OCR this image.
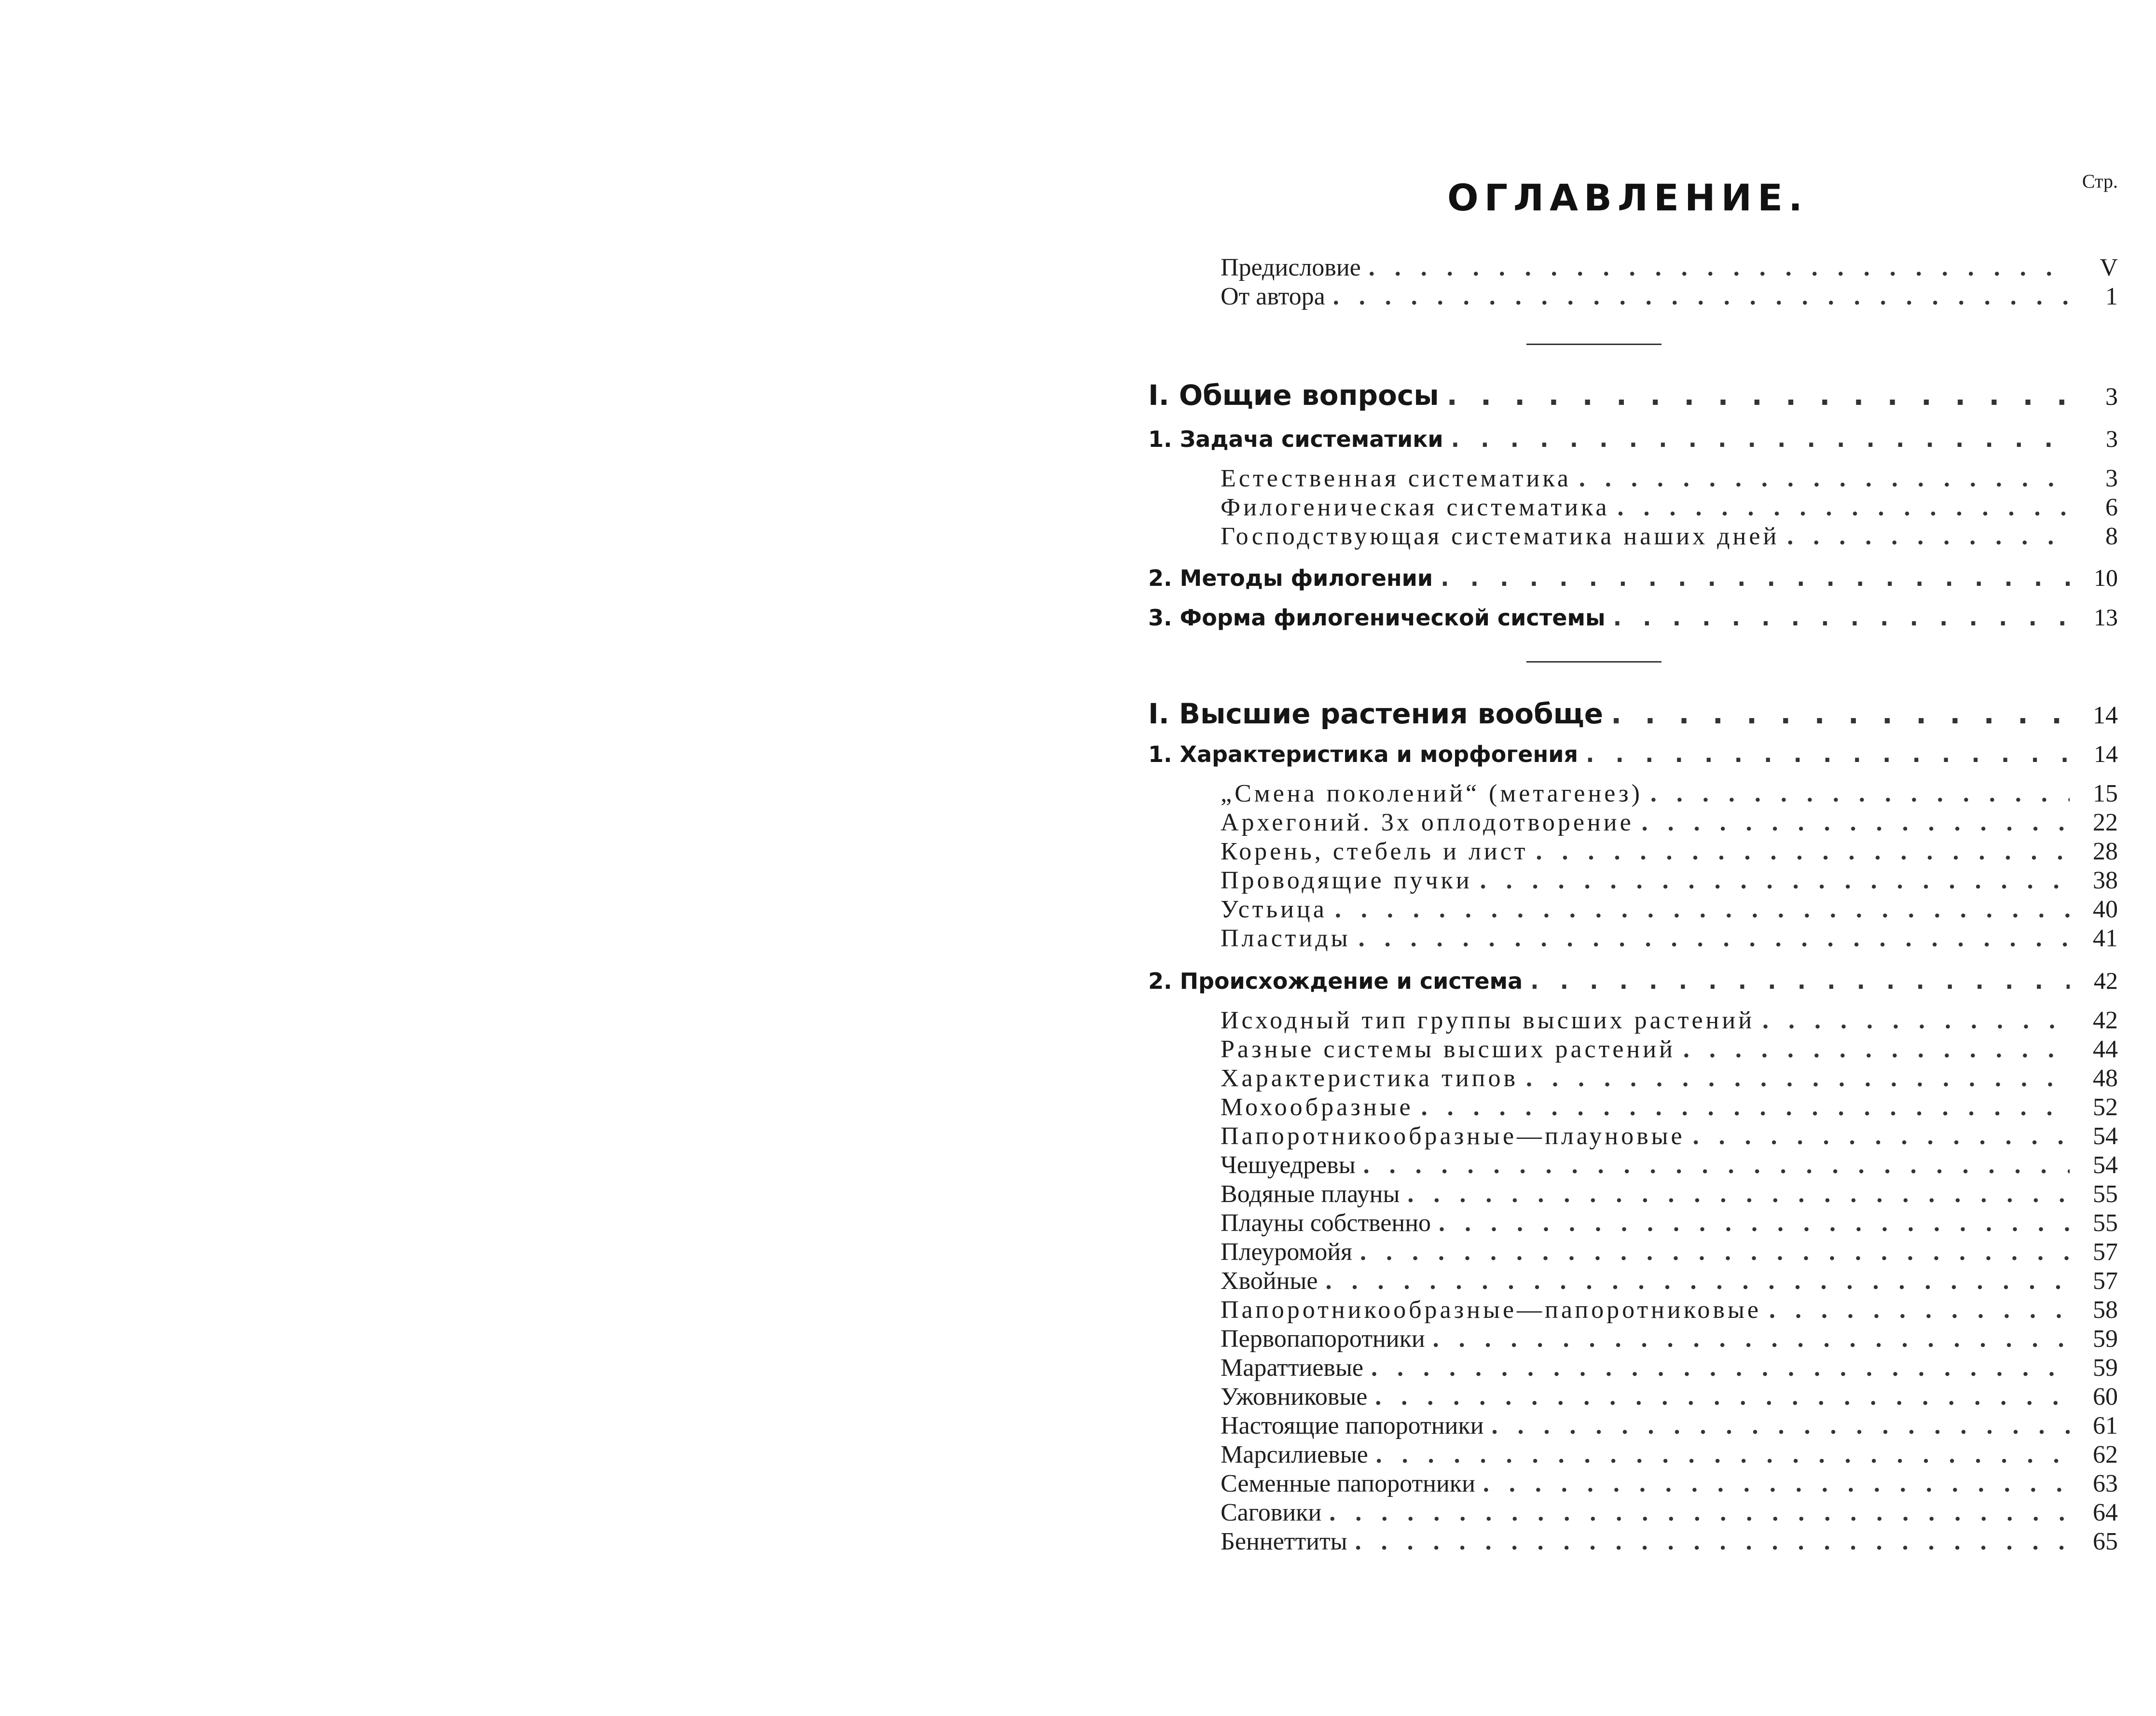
ОГЛАВЛЕНИЕ.	Стр.
Предисловие . . .	V
От автора . . .	1
I. Общие вопросы . . .	3
1. Задача систематики . . .	3
Естественная систематика . . .	3
Филогеническая систематика . . .	6
Господствующая систематика наших дней . . .	8
2. Методы филогении . . .	10
3. Форма филогенической системы . . .	13
I. Высшие растения вообще . . .	14
1. Характеристика и морфогения . . .	14
„Смена поколений“ (метагенез) . . .	15
Архегоний. 3х оплодотворение . . .	22
Корень, стебель и лист . . .	28
Проводящие пучки . . .	38
Устьица . . .	40
Пластиды . . .	41
2. Происхождение и система . . .	42
Исходный тип группы высших растений . . .	42
Разные системы высших растений . . .	44
Характеристика типов . . .	48
Мохообразные . . .	52
Папоротникообразные—плауновые . . .	54
Чешуедревы . . .	54
Водяные плауны . . .	55
Плауны собственно . . .	55
Плеуромойя . . .	57
Хвойные . . .	57
Папоротникообразные—папоротниковые . . .	58
Первопапоротники . . .	59
Мараттиевые . . .	59
Ужовниковые . . .	60
Настоящие папоротники . . .	61
Марсилиевые . . .	62
Семенные папоротники . . .	63
Саговики . . .	64
Беннеттиты . . .	65
